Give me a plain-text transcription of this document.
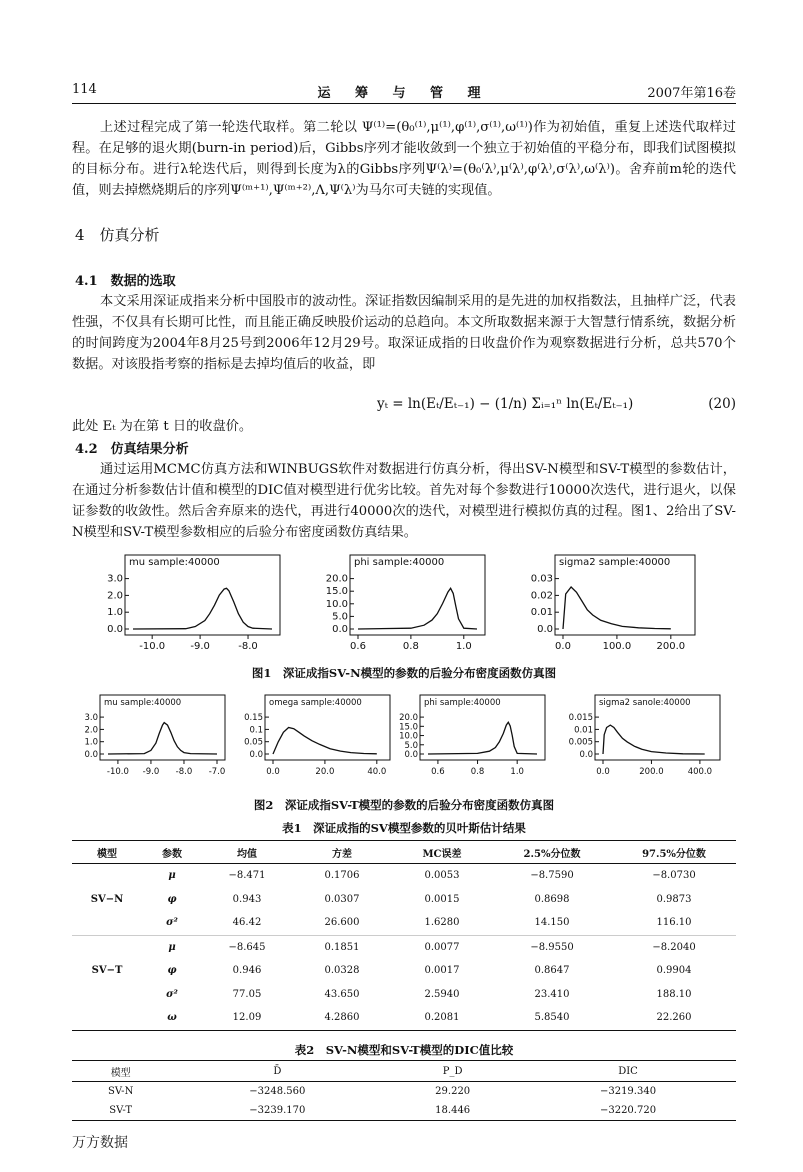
114	运 筹 与 管 理	2007年第16卷
上述过程完成了第一轮迭代取样。第二轮以 Ψ⁽¹⁾=(θ₀⁽¹⁾,μ⁽¹⁾,φ⁽¹⁾,σ⁽¹⁾,ω⁽¹⁾)作为初始值，重复上述迭代取样过程。在足够的退火期(burn-in period)后，Gibbs序列才能收敛到一个独立于初始值的平稳分布，即我们试图模拟的目标分布。进行λ轮迭代后，则得到长度为λ的Gibbs序列Ψ⁽λ⁾=(θ₀⁽λ⁾,μ⁽λ⁾,φ⁽λ⁾,σ⁽λ⁾,ω⁽λ⁾)。舍弃前m轮的迭代值，则去掉燃烧期后的序列Ψ⁽ᵐ⁺¹⁾,Ψ⁽ᵐ⁺²⁾,Λ,Ψ⁽λ⁾为马尔可夫链的实现值。
4　仿真分析
4.1　数据的选取
本文采用深证成指来分析中国股市的波动性。深证指数因编制采用的是先进的加权指数法，且抽样广泛，代表性强，不仅具有长期可比性，而且能正确反映股价运动的总趋向。本文所取数据来源于大智慧行情系统，数据分析的时间跨度为2004年8月25号到2006年12月29号。取深证成指的日收盘价作为观察数据进行分析，总共570个数据。对该股指考察的指标是去掉均值后的收益，即
yₜ = ln(Eₜ/Eₜ₋₁) − (1/n) Σᵢ₌₁ⁿ ln(Eₜ/Eₜ₋₁)	(20)
此处 Eₜ 为在第 t 日的收盘价。
4.2　仿真结果分析
通过运用MCMC仿真方法和WINBUGS软件对数据进行仿真分析，得出SV-N模型和SV-T模型的参数估计，在通过分析参数估计值和模型的DIC值对模型进行优劣比较。首先对每个参数进行10000次迭代，进行退火，以保证参数的收敛性。然后舍弃原来的迭代，再进行40000次的迭代，对模型进行模拟仿真的过程。图1、2给出了SV-N模型和SV-T模型参数相应的后验分布密度函数仿真结果。
mu sample:40000
3.0
2.0
1.0
0.0
-10.0	-9.0	-8.0
phi sample:40000
20.0
15.0
10.0
5.0
0.0
0.6	0.8	1.0
sigma2 sample:40000
0.03
0.02
0.01
0.0
0.0	100.0	200.0
mu sample:40000
3.0
2.0
1.0
0.0
-10.0 -9.0 -8.0 -7.0
omega sample:40000
0.15
0.1
0.05
0.0
0.0	20.0	40.0
phi sample:40000
20.0
15.0
10.0
5.0
0.0
0.6	0.8	1.0
sigma2 sanole:40000
0.015
0.01
0.005
0.0
0.0	200.0	400.0
图1　深证成指SV-N模型的参数的后验分布密度函数仿真图
图2　深证成指SV-T模型的参数的后验分布密度函数仿真图
表1　深证成指的SV模型参数的贝叶斯估计结果
模型	参数	均值	方差	MC误差	2.5%分位数	97.5%分位数
	μ	−8.471	0.1706	0.0053	−8.7590	−8.0730
SV−N	φ	0.943	0.0307	0.0015	0.8698	0.9873
	σ²	46.42	26.600	1.6280	14.150	116.10
	μ	−8.645	0.1851	0.0077	−8.9550	−8.2040
SV−T	φ	0.946	0.0328	0.0017	0.8647	0.9904
	σ²	77.05	43.650	2.5940	23.410	188.10
	ω	12.09	4.2860	0.2081	5.8540	22.260
表2　SV-N模型和SV-T模型的DIC值比较
模型	D̄	P_D	DIC
SV-N	−3248.560	29.220	−3219.340
SV-T	−3239.170	18.446	−3220.720
万方数据
